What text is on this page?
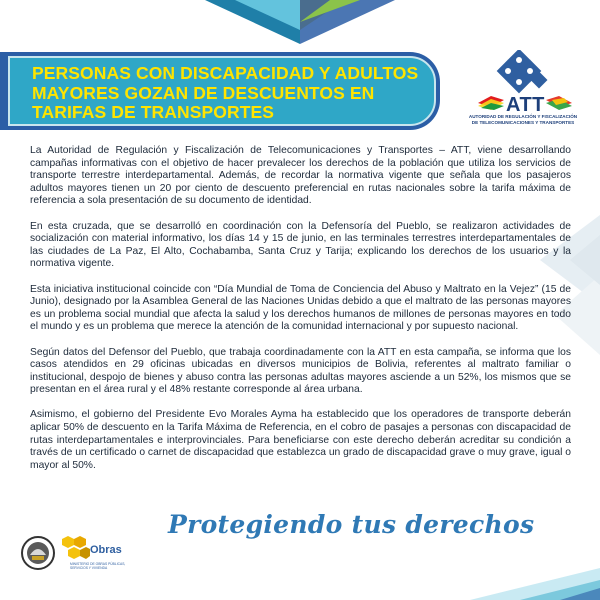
PERSONAS CON DISCAPACIDAD Y ADULTOS MAYORES GOZAN DE DESCUENTOS EN TARIFAS DE TRANSPORTES	ATT
AUTORIDAD DE REGULACIÓN Y FISCALIZACIÓN DE TELECOMUNICACIONES Y TRANSPORTES

La Autoridad de Regulación y Fiscalización de Telecomunicaciones y Transportes – ATT, viene desarrollando campañas informativas con el objetivo de hacer prevalecer los derechos de la población que utiliza los servicios de transporte terrestre interdepartamental. Además, de recordar la normativa vigente que señala que los pasajeros adultos mayores tienen un 20 por ciento de descuento preferencial en rutas nacionales sobre la tarifa máxima de referencia a sola presentación de su documento de identidad.

En esta cruzada, que se desarrolló en coordinación con la Defensoría del Pueblo, se realizaron actividades de socialización con material informativo, los días 14 y 15 de junio, en las terminales terrestres interdepartamentales de las ciudades de La Paz, El Alto, Cochabamba, Santa Cruz y Tarija; explicando los derechos de los usuarios y la normativa vigente.

Esta iniciativa institucional coincide con “Día Mundial de Toma de Conciencia del Abuso y Maltrato en la Vejez” (15 de Junio), designado por la Asamblea General de las Naciones Unidas debido a que el maltrato de las personas mayores es un problema social mundial que afecta la salud y los derechos humanos de millones de personas mayores en todo el mundo y es un problema que merece la atención de la comunidad internacional y por supuesto nacional.

Según datos del Defensor del Pueblo, que trabaja coordinadamente con la ATT en esta campaña, se informa que los casos atendidos en 29 oficinas ubicadas en diversos municipios de Bolivia, referentes al maltrato familiar o institucional, despojo de bienes y abuso contra las personas adultas mayores asciende a un 52%, los mismos que se presentan en el área rural y el 48% restante corresponde al área urbana.

Asimismo, el gobierno del Presidente Evo Morales Ayma ha establecido que los operadores de transporte deberán aplicar 50% de descuento en la Tarifa Máxima de Referencia, en el cobro de pasajes a personas con discapacidad de rutas interdepartamentales e interprovinciales. Para beneficiarse con este derecho deberán acreditar su condición a través de un certificado o carnet de discapacidad que establezca un grado de discapacidad grave o muy grave, igual o mayor al 50%.

Protegiendo tus derechos
Obras
MINISTERIO DE OBRAS PÚBLICAS, SERVICIOS Y VIVIENDA
